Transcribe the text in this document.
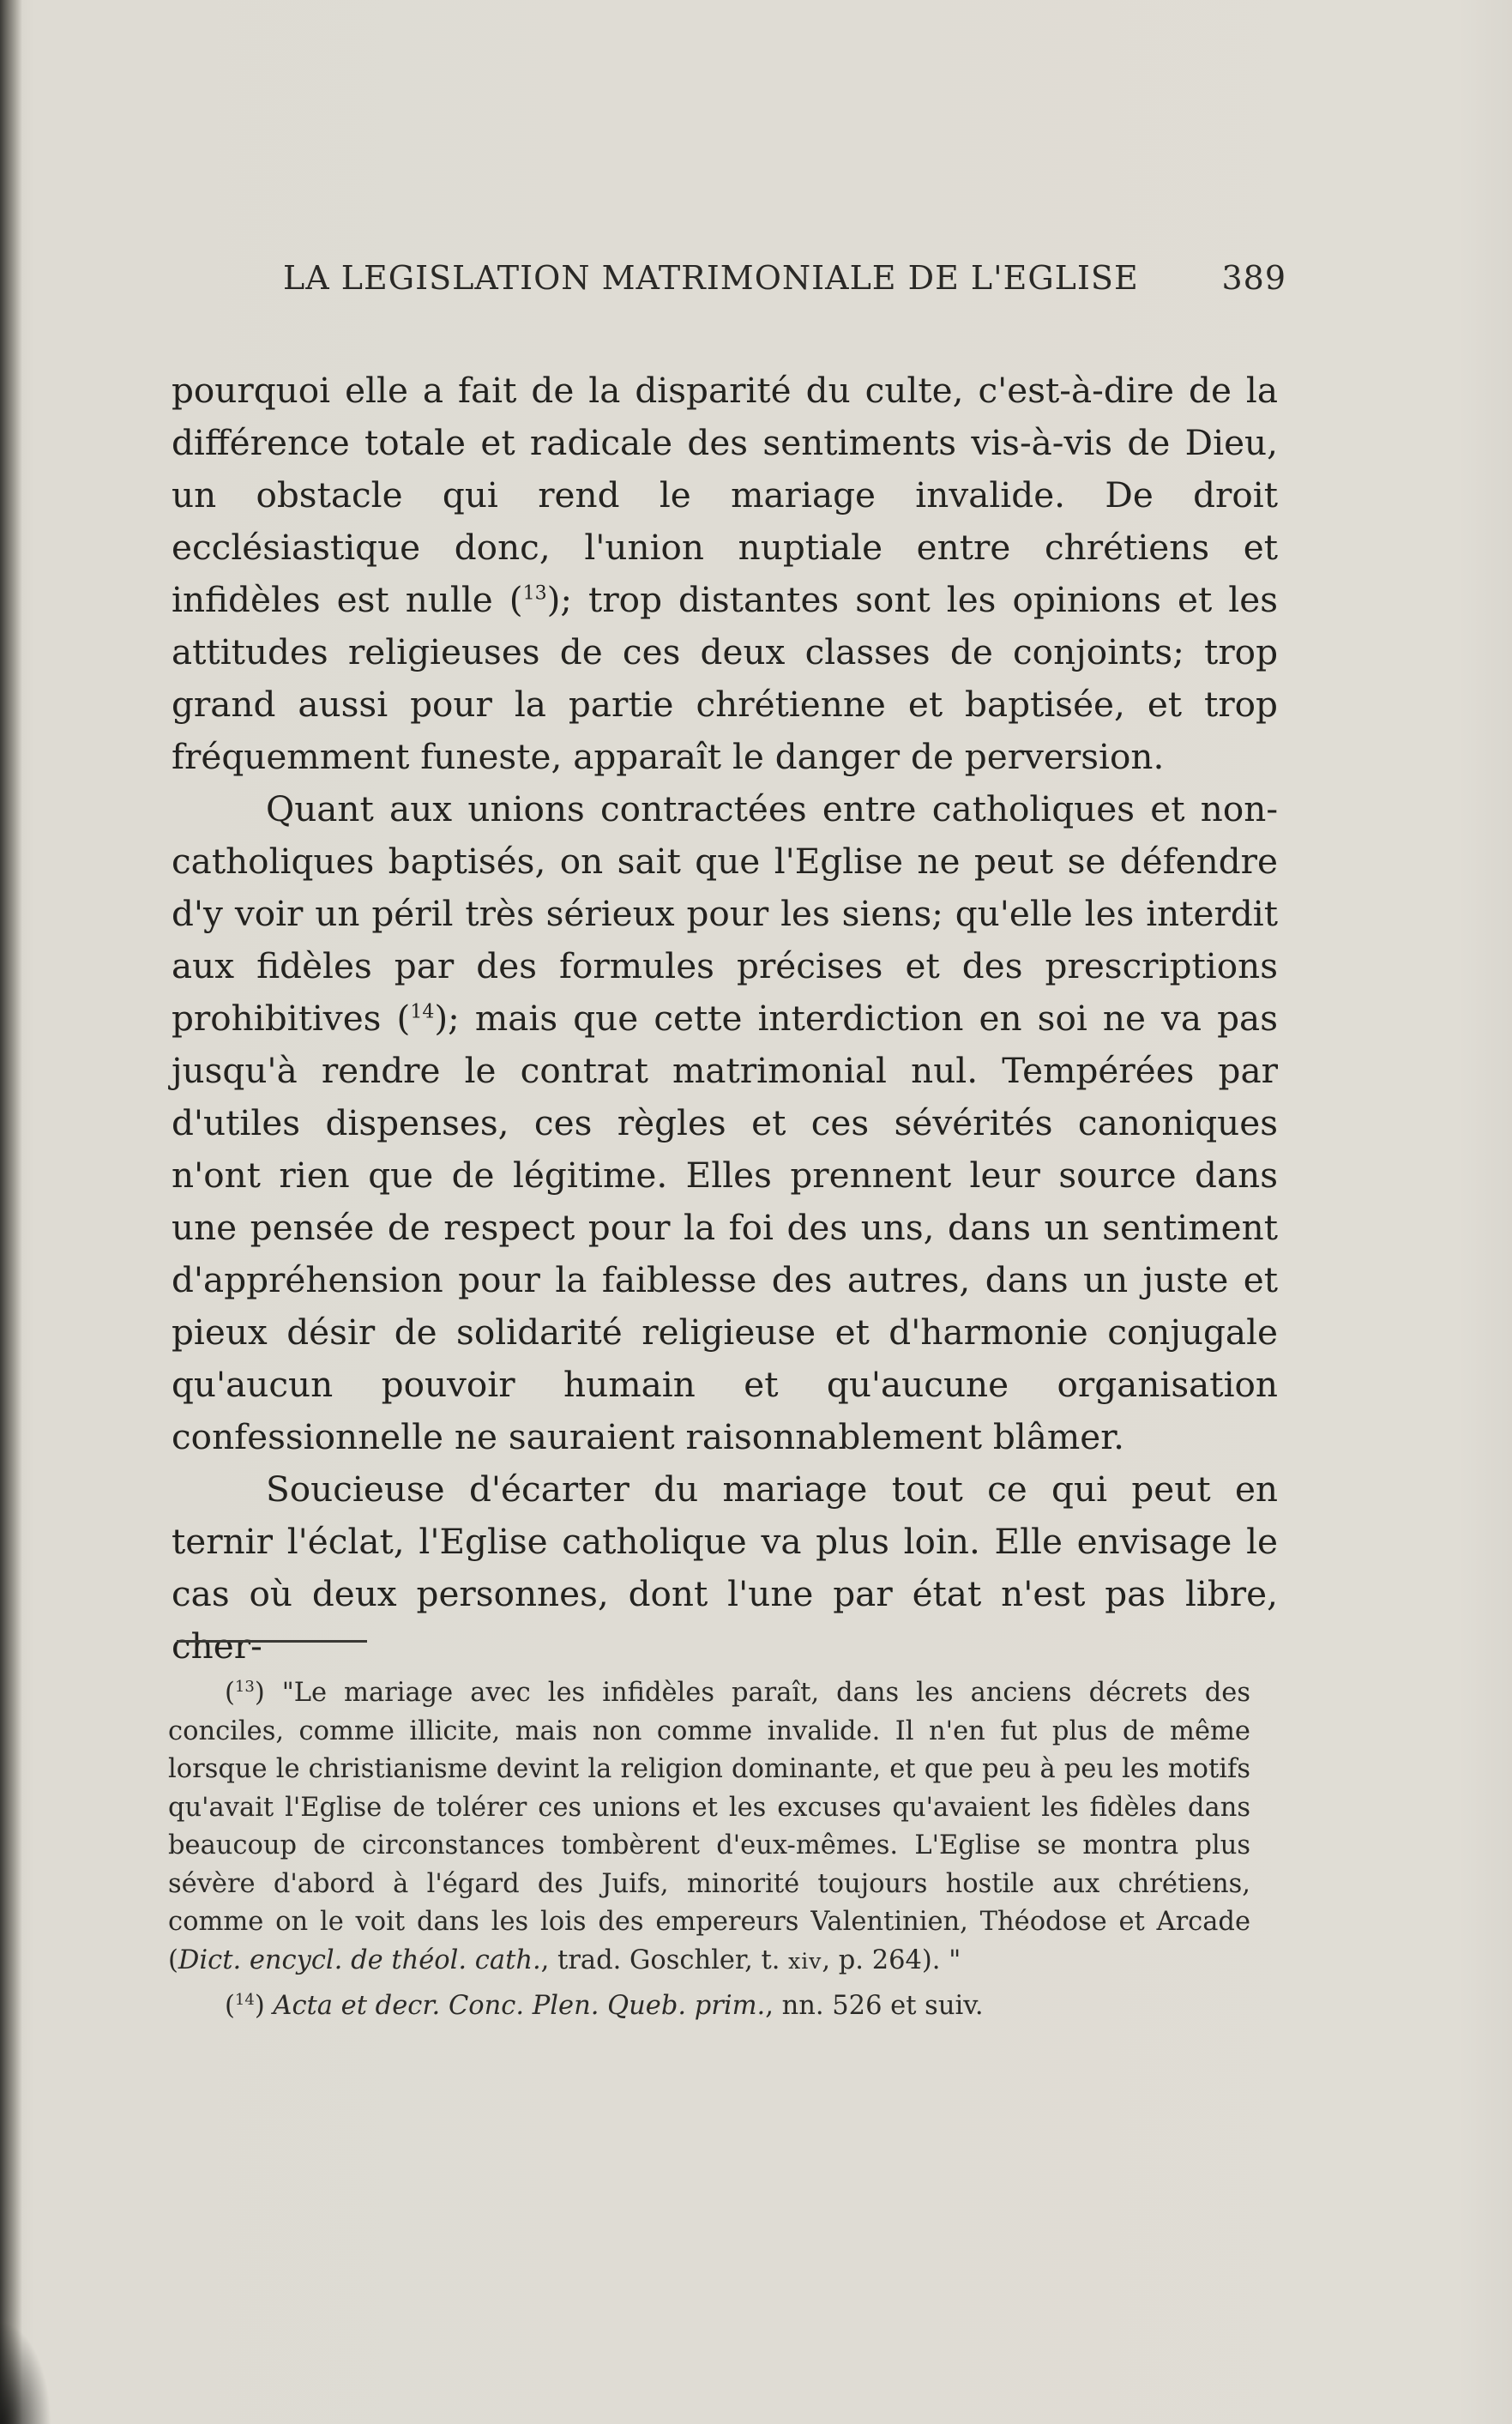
LA LEGISLATION MATRIMONIALE DE L'EGLISE	389

pourquoi elle a fait de la disparité du culte, c'est-à-dire de la différence totale et radicale des sentiments vis-à-vis de Dieu, un obstacle qui rend le mariage invalide. De droit ecclésiastique donc, l'union nuptiale entre chrétiens et infidèles est nulle ($^{13}$); trop distantes sont les opinions et les attitudes religieuses de ces deux classes de conjoints; trop grand aussi pour la partie chrétienne et baptisée, et trop fréquemment funeste, apparaît le danger de perversion.

Quant aux unions contractées entre catholiques et non-catholiques baptisés, on sait que l'Eglise ne peut se défendre d'y voir un péril très sérieux pour les siens; qu'elle les interdit aux fidèles par des formules précises et des prescriptions prohibitives ($^{14}$); mais que cette interdiction en soi ne va pas jusqu'à rendre le contrat matrimonial nul. Tempérées par d'utiles dispenses, ces règles et ces sévérités canoniques n'ont rien que de légitime. Elles prennent leur source dans une pensée de respect pour la foi des uns, dans un sentiment d'appréhension pour la faiblesse des autres, dans un juste et pieux désir de solidarité religieuse et d'harmonie conjugale qu'aucun pouvoir humain et qu'aucune organisation confessionnelle ne sauraient raisonnablement blâmer.

Soucieuse d'écarter du mariage tout ce qui peut en ternir l'éclat, l'Eglise catholique va plus loin. Elle envisage le cas où deux personnes, dont l'une par état n'est pas libre, cher-

($^{13}$) "Le mariage avec les infidèles paraît, dans les anciens décrets des conciles, comme illicite, mais non comme invalide. Il n'en fut plus de même lorsque le christianisme devint la religion dominante, et que peu à peu les motifs qu'avait l'Eglise de tolérer ces unions et les excuses qu'avaient les fidèles dans beaucoup de circonstances tombèrent d'eux-mêmes. L'Eglise se montra plus sévère d'abord à l'égard des Juifs, minorité toujours hostile aux chrétiens, comme on le voit dans les lois des empereurs Valentinien, Théodose et Arcade (Dict. encycl. de théol. cath., trad. Goschler, t. xiv, p. 264). "

($^{14}$) Acta et decr. Conc. Plen. Queb. prim., nn. 526 et suiv.
